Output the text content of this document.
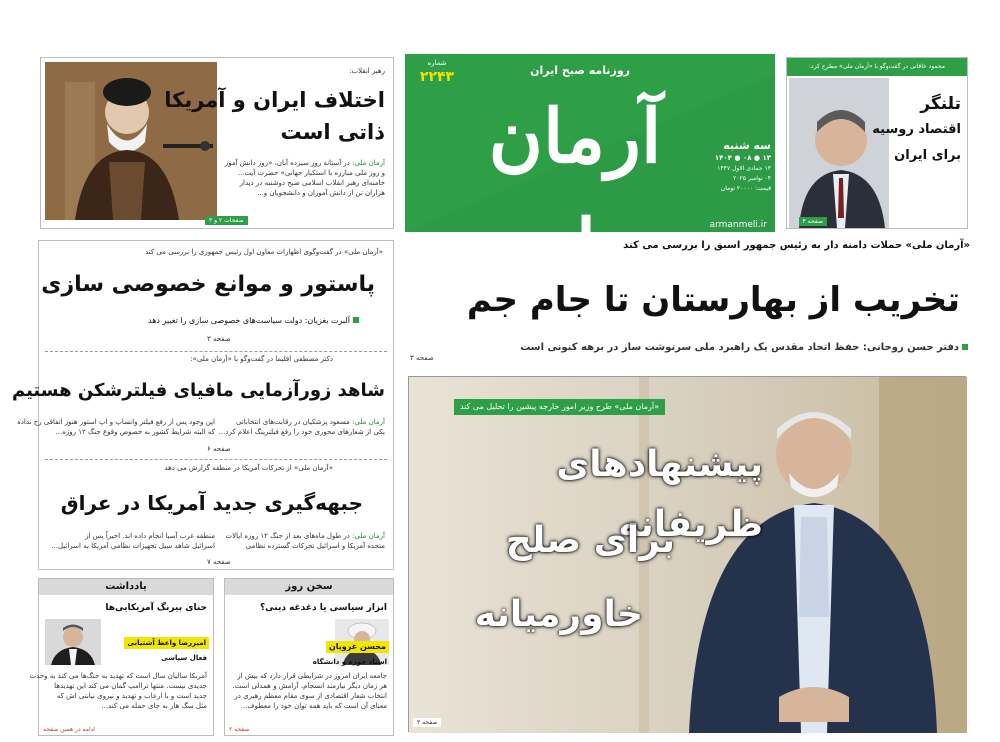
آرمان ملی
روزنامه صبح ایران
شماره
۲۲۴۳
سه شنبه
۱۳ ● ۰۸ ● ۱۴۰۴
۱۳ جمادی الاول ۱۴۴۷
۰۴ نوامبر ۲۰۲۵
قیمت: ۲۰۰۰۰ تومان
armanmeli.ir
صفحات ۲ و ۳
رهبر انقلاب:
اختلاف ایران و آمریکا
ذاتی است
آرمان ملی: در آستانه روز سیزده آبان، «روز دانش آموز
و روز ملی مبارزه با استکبار جهانی» حضرت آیت...
خامنه‌ای رهبر انقلاب اسلامی صبح دوشنبه در دیدار
هزاران تن از دانش آموزان و دانشجویان و...
محمود خاقانی در گفت‌وگو با «آرمان ملی» مطرح کرد:
تلنگر
اقتصاد روسیه
برای ایران
صفحه ۴
«آرمان ملی» حملات دامنه دار به رئیس جمهور اسبق را بررسی می کند
تخریب از بهارستان تا جام جم
دفتر حسن روحانی: حفظ اتحاد مقدس یک راهبرد ملی سرنوشت ساز در برهه کنونی است
صفحه ۳
«آرمان ملی» طرح وزیر امور خارجه پیشین را تحلیل می کند
پیشنهادهای ظریفانه
برای صلح
خاورمیانه
صفحه ۳
«آرمان ملی» در گفت‌وگوی اظهارات معاون اول رئیس جمهوری را بررسی می کند
پاستور و موانع خصوصی سازی
آلبرت بغزیان: دولت سیاست‌های خصوصی سازی را تغییر دهد
صفحه ۳
دکتر مصطفی اقلیما در گفت‌وگو با «آرمان ملی»:
شاهد زورآزمایی مافیای فیلترشکن هستیم
آرمان ملی: مسعود پزشکیان در رقابت‌های انتخاباتی
یکی از شعارهای محوری خود را رفع فیلترینگ اعلام کرد...
این وجود پس از رفع فیلتر واتساپ و اپ استور هنوز اتفاقی رخ نداده
که البته شرایط کشور به خصوص وقوع جنگ ۱۲ روزه...
صفحه ۶
«آرمان ملی» از تحرکات آمریکا در منطقه گزارش می دهد
جبهه‌گیری جدید آمریکا در عراق
آرمان ملی: در طول ماه‌های بعد از جنگ ۱۲ روزه ایالات
متحده آمریکا و اسرائیل تحرکات گسترده نظامی
منطقه غرب آسیا انجام داده اند. اخیراً پس از
اسرائیل شاهد سیل تجهیزات نظامی آمریکا به اسرائیل...
صفحه ۷
سخن روز
ابزار سیاسی یا دغدغه دینی؟
محسن غرویان
استاد حوزه و دانشگاه
جامعه ایران امروز در شرایطی قرار دارد که بیش از
هر زمان دیگر نیازمند انسجام، آرامش و همدلی است.
انتخاب شعار اقتصادی از سوی مقام معظم رهبری در
معنای آن است که باید همه توان خود را معطوف...
صفحه ۲
یادداشت
حنای بیرنگ آمریکایی‌ها
امیررضا واعظ آشتیانی
فعال سیاسی
آمریکا سالیان سال است که تهدید به جنگ‌ها می کند به وحدت
جدیدی نیست. منتها تراامپ گمان می کند این تهدیدها
جدید است و با ارعاب و تهدید و نیروی نیابتی اش که
مثل سگ هار به جای حمله می کند...
ادامه در همین صفحه
